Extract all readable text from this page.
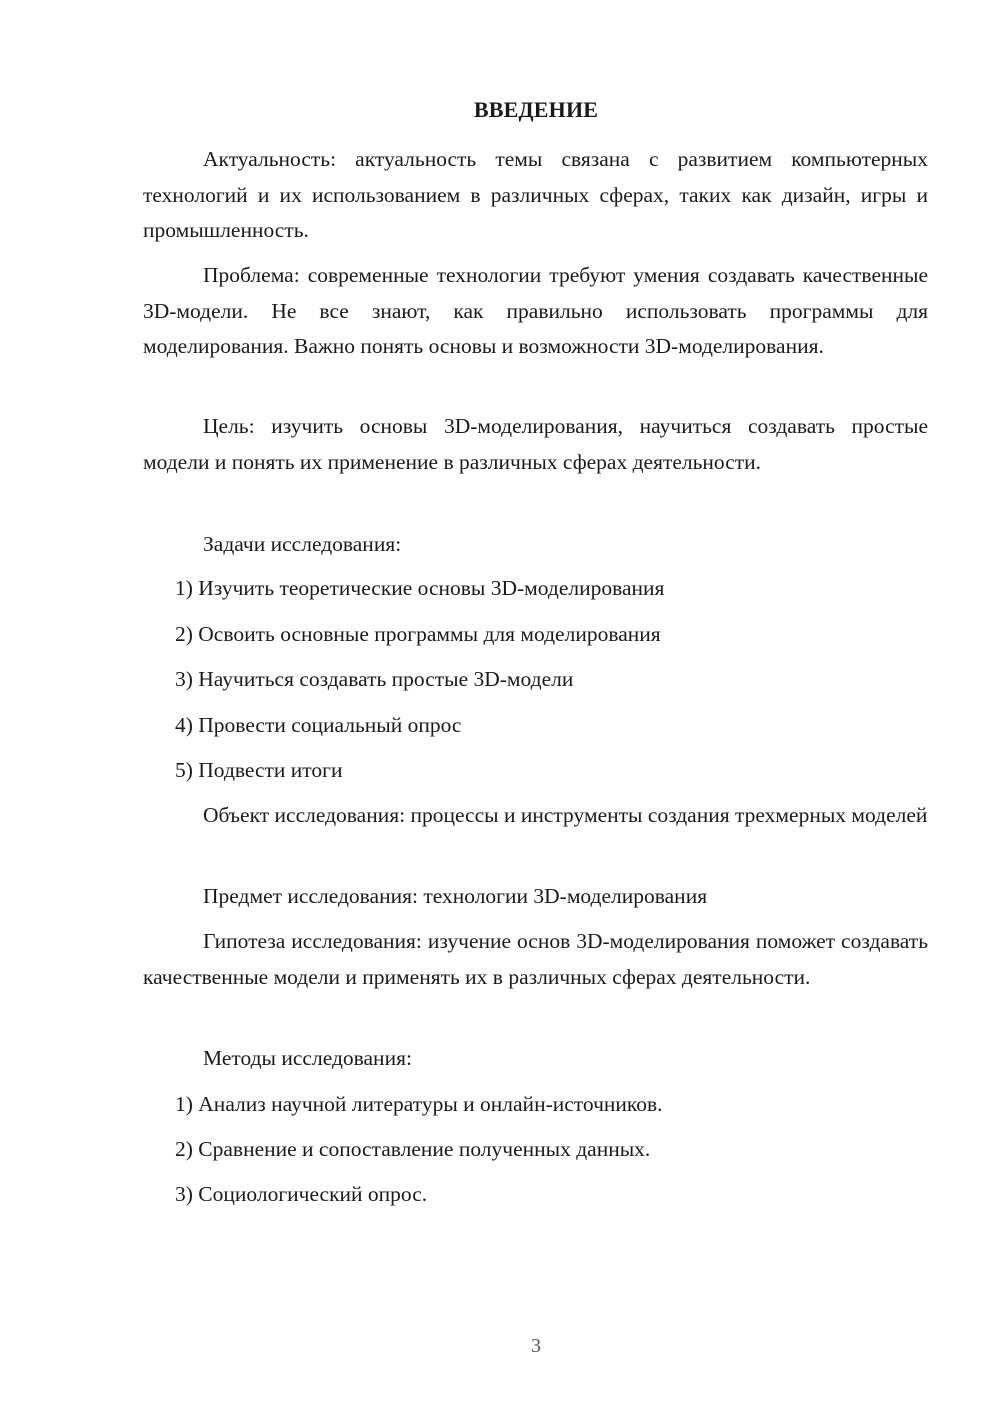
ВВЕДЕНИЕ

Актуальность: актуальность темы связана с развитием компьютерных технологий и их использованием в различных сферах, таких как дизайн, игры и промышленность.

Проблема: современные технологии требуют умения создавать качественные 3D-модели. Не все знают, как правильно использовать программы для моделирования. Важно понять основы и возможности 3D-моделирования.

Цель: изучить основы 3D-моделирования, научиться создавать простые модели и понять их применение в различных сферах деятельности.

Задачи исследования:

1) Изучить теоретические основы 3D-моделирования

2) Освоить основные программы для моделирования

3) Научиться создавать простые 3D-модели

4) Провести социальный опрос

5) Подвести итоги

Объект исследования: процессы и инструменты создания трехмерных моделей

Предмет исследования: технологии 3D-моделирования

Гипотеза исследования: изучение основ 3D-моделирования поможет создавать качественные модели и применять их в различных сферах деятельности.

Методы исследования:

1) Анализ научной литературы и онлайн-источников.

2) Сравнение и сопоставление полученных данных.

3) Социологический опрос.

3
